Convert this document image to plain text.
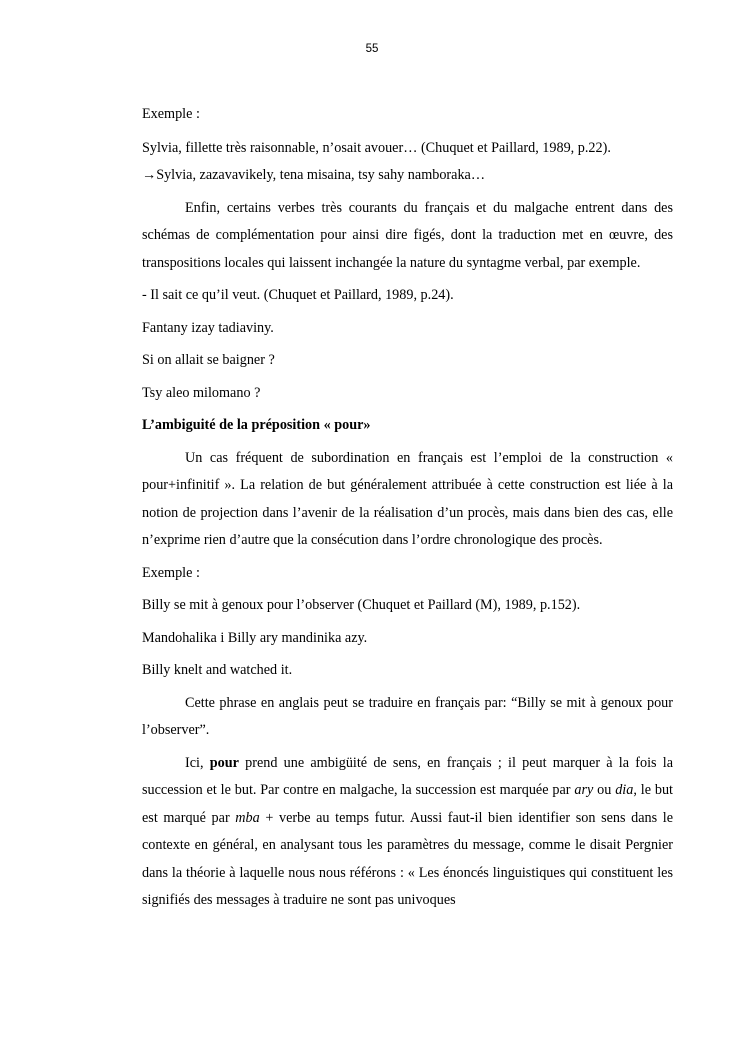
55

Exemple :

Sylvia, fillette très raisonnable, n’osait avouer… (Chuquet et Paillard, 1989, p.22).
→Sylvia, zazavavikely, tena misaina, tsy sahy namboraka…

Enfin, certains verbes très courants du français et du malgache entrent dans des schémas de complémentation pour ainsi dire figés, dont la traduction met en œuvre, des transpositions locales qui laissent inchangée la nature du syntagme verbal, par exemple.

- Il sait ce qu’il veut. (Chuquet et Paillard, 1989, p.24).

Fantany izay tadiaviny.

Si on allait se baigner ?

Tsy aleo milomano ?

L’ambiguité de la préposition « pour»

Un cas fréquent de subordination en français est l’emploi de la construction « pour+infinitif ». La relation de but généralement attribuée à cette construction est liée à la notion de projection dans l’avenir de la réalisation d’un procès, mais dans bien des cas, elle n’exprime rien d’autre que la consécution dans l’ordre chronologique des procès.

Exemple :

Billy se mit à genoux pour l’observer (Chuquet et Paillard (M), 1989, p.152).

Mandohalika i Billy ary mandinika azy.

Billy knelt and watched it.

Cette phrase en anglais peut se traduire en français par: “Billy se mit à genoux pour l’observer”.

Ici, pour prend une ambigüité de sens, en français ; il peut marquer à la fois la succession et le but. Par contre en malgache, la succession est marquée par ary ou dia, le but est marqué par mba + verbe au temps futur. Aussi faut-il bien identifier son sens dans le contexte en général, en analysant tous les paramètres du message, comme le disait Pergnier dans la théorie à laquelle nous nous référons : « Les énoncés linguistiques qui constituent les signifiés des messages à traduire ne sont pas univoques
